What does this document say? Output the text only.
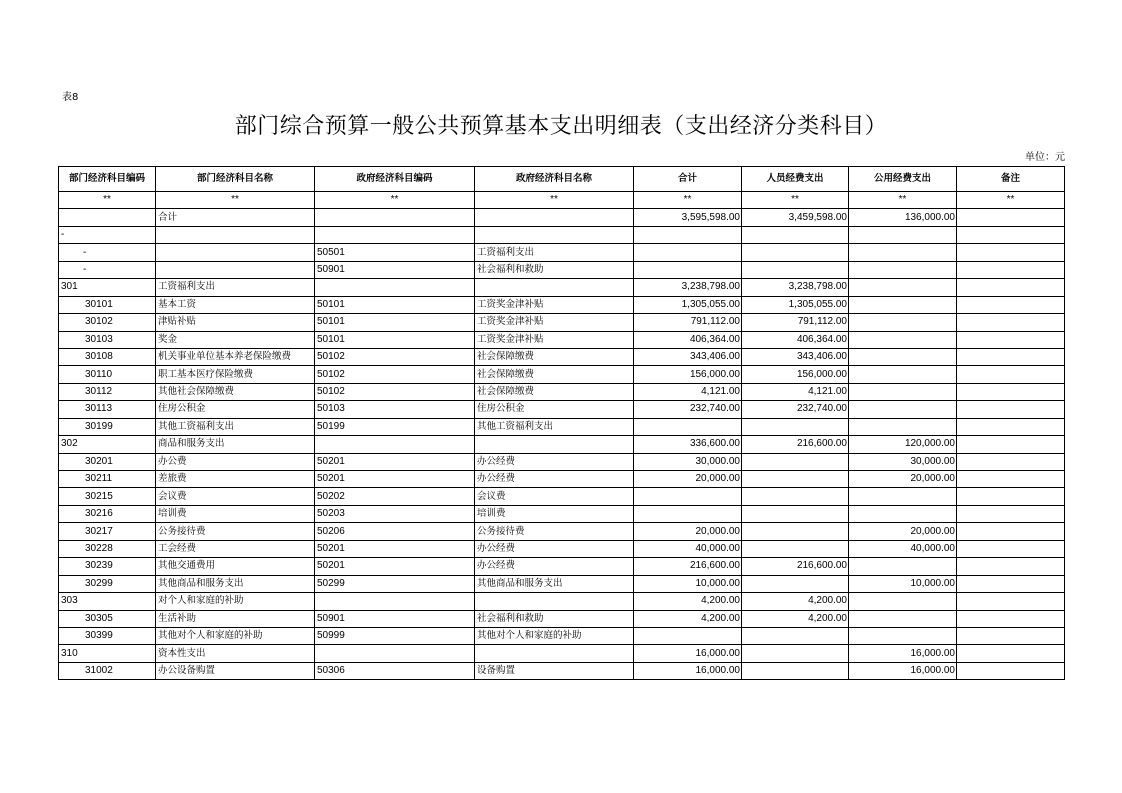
表8
部门综合预算一般公共预算基本支出明细表（支出经济分类科目）
单位：元
部门经济科目编码	部门经济科目名称	政府经济科目编码	政府经济科目名称	合计	人员经费支出	公用经费支出	备注
**	**	**	**	**	**	**	**
	合计			3,595,598.00	3,459,598.00	136,000.00	
-							
-		50501	工资福利支出				
-		50901	社会福利和救助				
301	工资福利支出			3,238,798.00	3,238,798.00		
30101	基本工资	50101	工资奖金津补贴	1,305,055.00	1,305,055.00		
30102	津贴补贴	50101	工资奖金津补贴	791,112.00	791,112.00		
30103	奖金	50101	工资奖金津补贴	406,364.00	406,364.00		
30108	机关事业单位基本养老保险缴费	50102	社会保障缴费	343,406.00	343,406.00		
30110	职工基本医疗保险缴费	50102	社会保障缴费	156,000.00	156,000.00		
30112	其他社会保障缴费	50102	社会保障缴费	4,121.00	4,121.00		
30113	住房公积金	50103	住房公积金	232,740.00	232,740.00		
30199	其他工资福利支出	50199	其他工资福利支出				
302	商品和服务支出			336,600.00	216,600.00	120,000.00	
30201	办公费	50201	办公经费	30,000.00		30,000.00	
30211	差旅费	50201	办公经费	20,000.00		20,000.00	
30215	会议费	50202	会议费				
30216	培训费	50203	培训费				
30217	公务接待费	50206	公务接待费	20,000.00		20,000.00	
30228	工会经费	50201	办公经费	40,000.00		40,000.00	
30239	其他交通费用	50201	办公经费	216,600.00	216,600.00		
30299	其他商品和服务支出	50299	其他商品和服务支出	10,000.00		10,000.00	
303	对个人和家庭的补助			4,200.00	4,200.00		
30305	生活补助	50901	社会福利和救助	4,200.00	4,200.00		
30399	其他对个人和家庭的补助	50999	其他对个人和家庭的补助				
310	资本性支出			16,000.00		16,000.00	
31002	办公设备购置	50306	设备购置	16,000.00		16,000.00	
